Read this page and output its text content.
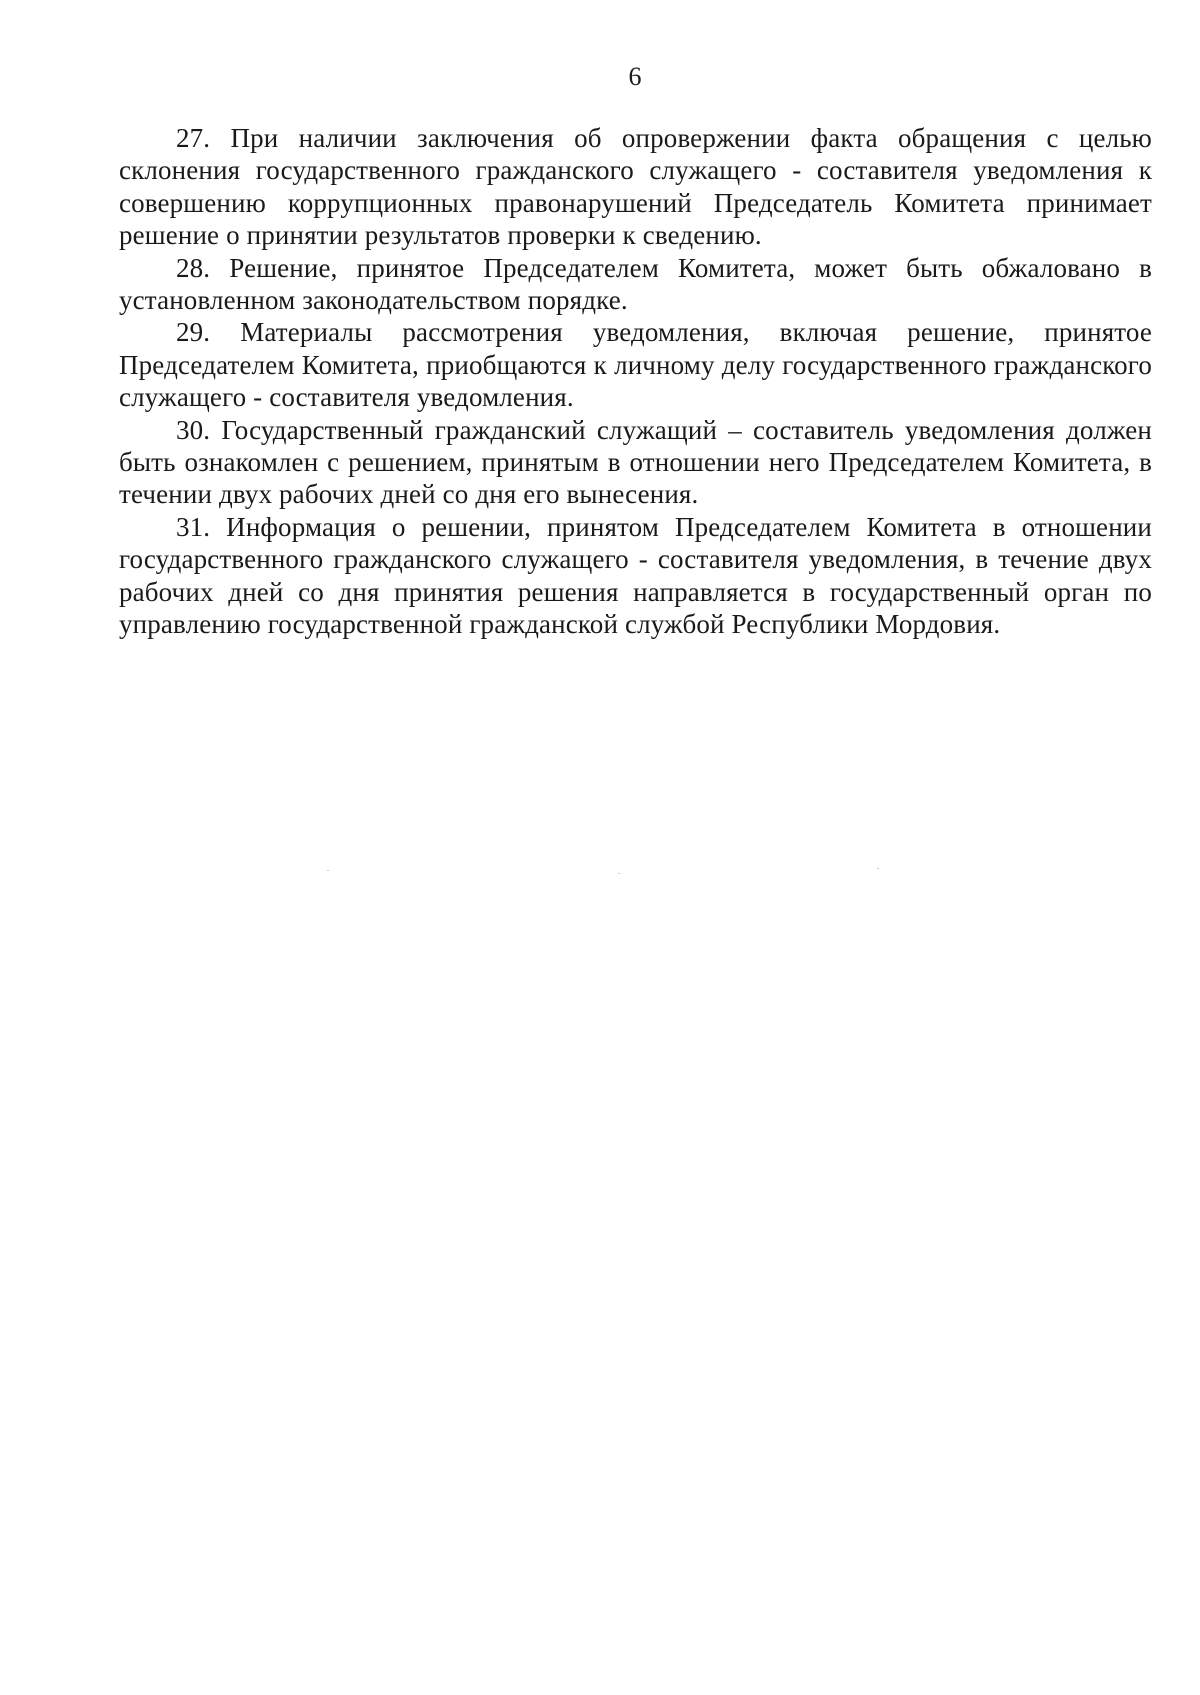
6

27. При наличии заключения об опровержении факта обращения с целью склонения государственного гражданского служащего - составителя уведомления к совершению коррупционных правонарушений Председатель Комитета принимает решение о принятии результатов проверки к сведению.

28. Решение, принятое Председателем Комитета, может быть обжаловано в установленном законодательством порядке.

29. Материалы рассмотрения уведомления, включая решение, принятое Председателем Комитета, приобщаются к личному делу государственного гражданского служащего - составителя уведомления.

30. Государственный гражданский служащий – составитель уведомления должен быть ознакомлен с решением, принятым в отношении него Председателем Комитета, в течении двух рабочих дней со дня его вынесения.

31. Информация о решении, принятом Председателем Комитета в отношении государственного гражданского служащего - составителя уведомления, в течение двух рабочих дней со дня принятия решения направляется в государственный орган по управлению государственной гражданской службой Республики Мордовия.
